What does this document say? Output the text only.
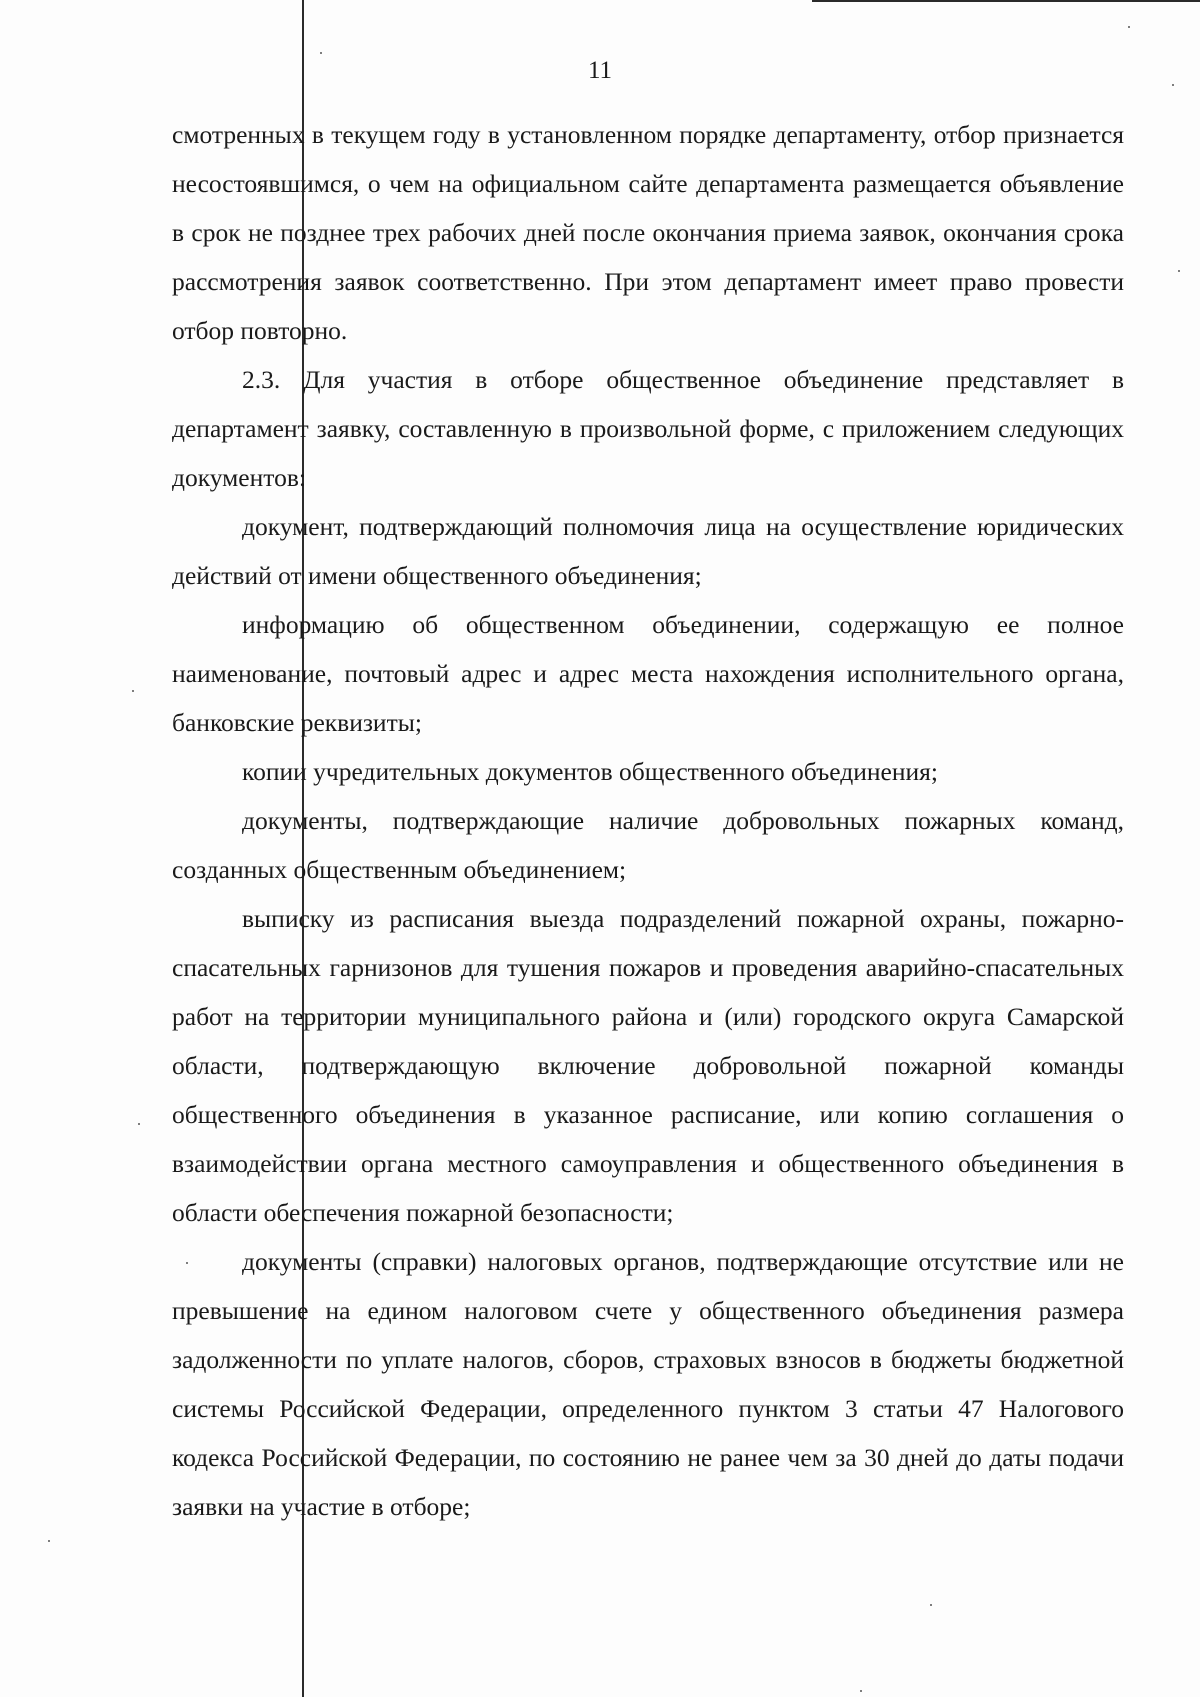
11

смотренных в текущем году в установленном порядке департаменту, отбор признается несостоявшимся, о чем на официальном сайте департамента размещается объявление в срок не позднее трех рабочих дней после окончания приема заявок, окончания срока рассмотрения заявок соответственно. При этом департамент имеет право провести отбор повторно.

2.3. Для участия в отборе общественное объединение представляет в департамент заявку, составленную в произвольной форме, с приложением следующих документов:

документ, подтверждающий полномочия лица на осуществление юридических действий от имени общественного объединения;

информацию об общественном объединении, содержащую ее полное наименование, почтовый адрес и адрес места нахождения исполнительного органа, банковские реквизиты;

копии учредительных документов общественного объединения;

документы, подтверждающие наличие добровольных пожарных команд, созданных общественным объединением;

выписку из расписания выезда подразделений пожарной охраны, пожарно-спасательных гарнизонов для тушения пожаров и проведения аварийно-спасательных работ на территории муниципального района и (или) городского округа Самарской области, подтверждающую включение добровольной пожарной команды общественного объединения в указанное расписание, или копию соглашения о взаимодействии органа местного самоуправления и общественного объединения в области обеспечения пожарной безопасности;

документы (справки) налоговых органов, подтверждающие отсутствие или не превышение на едином налоговом счете у общественного объединения размера задолженности по уплате налогов, сборов, страховых взносов в бюджеты бюджетной системы Российской Федерации, определенного пунктом 3 статьи 47 Налогового кодекса Российской Федерации, по состоянию не ранее чем за 30 дней до даты подачи заявки на участие в отборе;
